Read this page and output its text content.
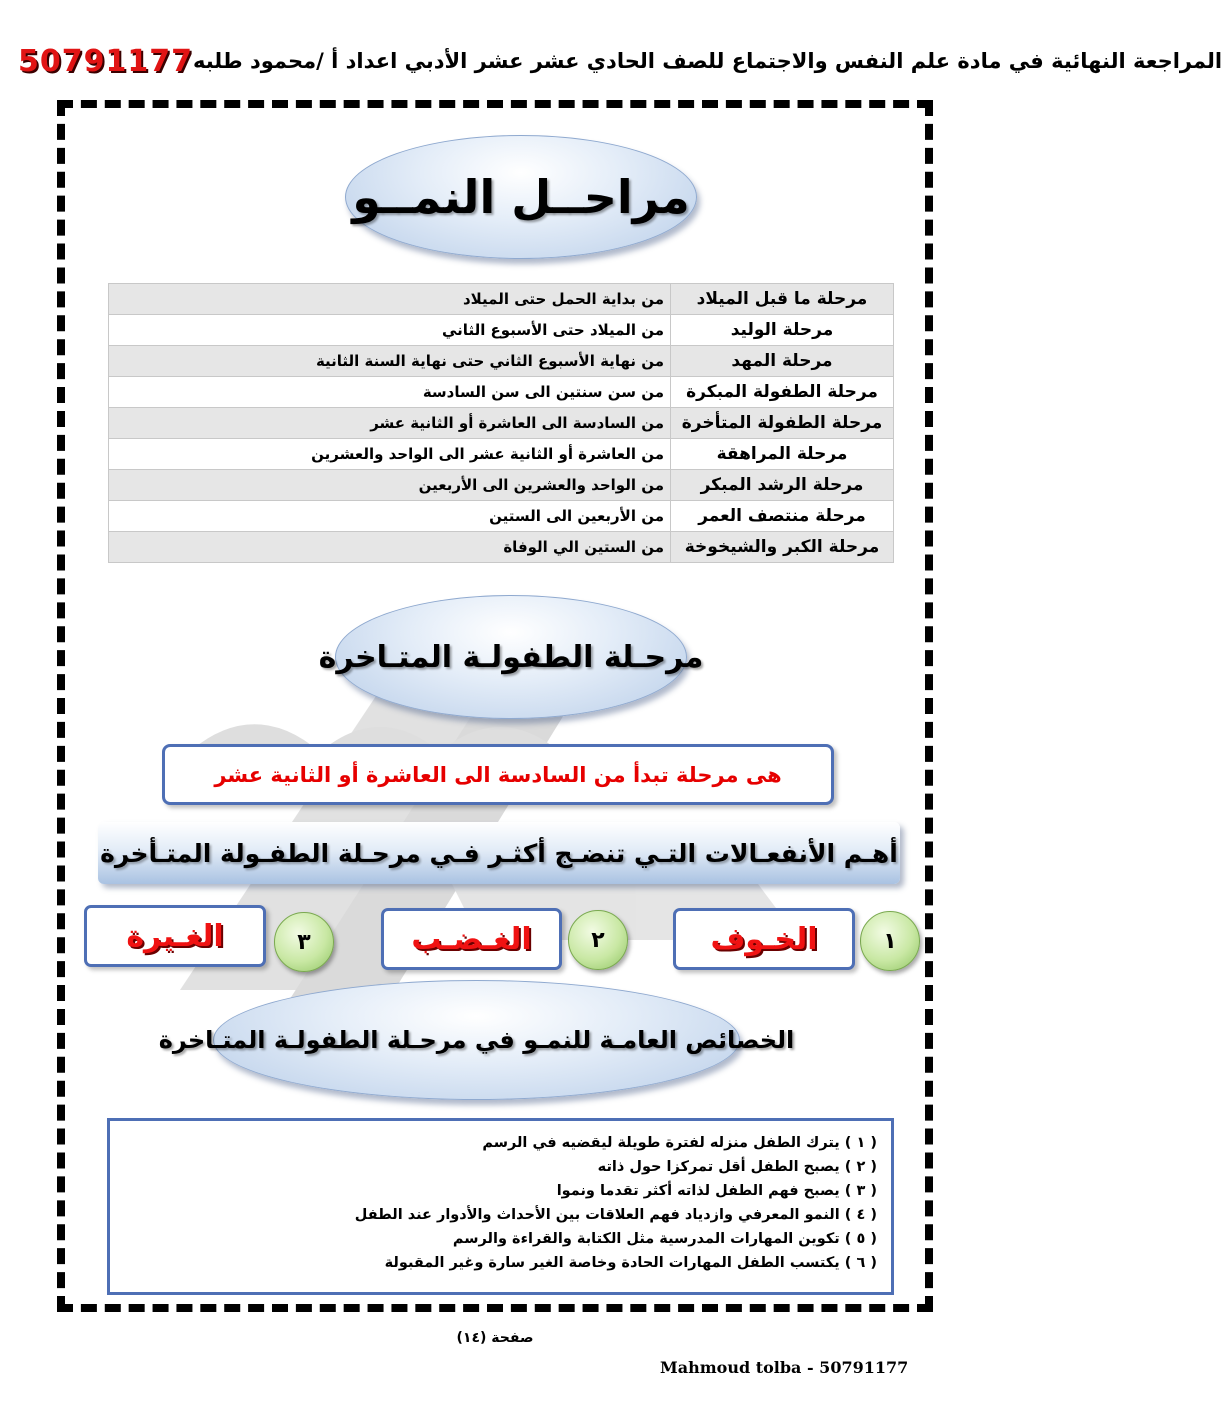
50791177 المراجعة النهائية في مادة علم النفس والاجتماع للصف الحادي عشر عشر الأدبي اعداد أ /محمود طلبه
مراحــل النمــو
مرحلة ما قبل الميلاد	من بداية الحمل حتى الميلاد
مرحلة الوليد	من الميلاد حتى الأسبوع الثاني
مرحلة المهد	من نهاية الأسبوع الثاني حتى نهاية السنة الثانية
مرحلة الطفولة المبكرة	من سن سنتين الى سن السادسة
مرحلة الطفولة المتأخرة	من السادسة الى العاشرة أو الثانية عشر
مرحلة المراهقة	من العاشرة أو الثانية عشر الى الواحد والعشرين
مرحلة الرشد المبكر	من الواحد والعشرين الى الأربعين
مرحلة منتصف العمر	من الأربعين الى الستين
مرحلة الكبر والشيخوخة	من الستين الي الوفاة
مرحـلة الطفولـة المتـاخرة
هى مرحلة تبدأ من السادسة الى العاشرة أو الثانية عشر
أهـم الأنفعـالات التـي تنضـج أكثـر فـي مرحـلة الطفـولة المتـأخرة
١
الخـوف
٢
الغـضـب
٣
الغـيرة
الخصائص العامـة للنمـو في مرحـلة الطفولـة المتـاخرة
( ١ ) يترك الطفل منزله لفترة طويلة ليقضيه في الرسم
( ٢ ) يصبح الطفل أقل تمركزا حول ذاته
( ٣ ) يصبح فهم الطفل لذاته أكثر تقدما ونموا
( ٤ ) النمو المعرفي وازدياد فهم العلاقات بين الأحداث والأدوار عند الطفل
( ٥ ) تكوين المهارات المدرسية مثل الكتابة والقراءة والرسم
( ٦ ) يكتسب الطفل المهارات الحادة وخاصة الغير سارة وغير المقبولة
صفحة (١٤)
Mahmoud tolba - 50791177
